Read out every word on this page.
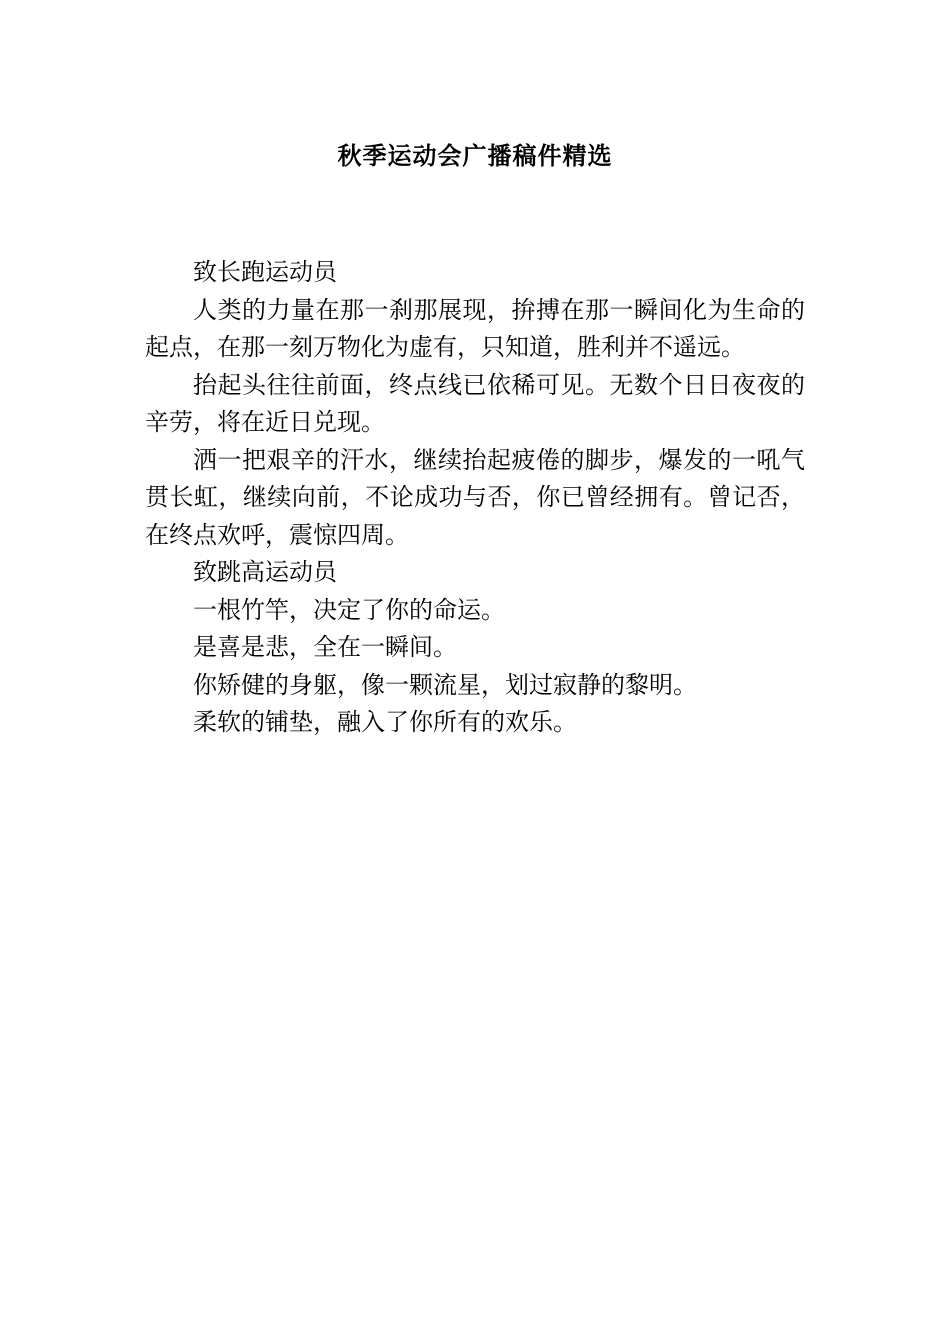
秋季运动会广播稿件精选

致长跑运动员

人类的力量在那一刹那展现，拚搏在那一瞬间化为生命的起点，在那一刻万物化为虚有，只知道，胜利并不遥远。

抬起头往往前面，终点线已依稀可见。无数个日日夜夜的辛劳，将在近日兑现。

洒一把艰辛的汗水，继续抬起疲倦的脚步，爆发的一吼气贯长虹，继续向前，不论成功与否，你已曾经拥有。曾记否，在终点欢呼，震惊四周。

致跳高运动员

一根竹竿，决定了你的命运。

是喜是悲，全在一瞬间。

你矫健的身躯，像一颗流星，划过寂静的黎明。

柔软的铺垫，融入了你所有的欢乐。
